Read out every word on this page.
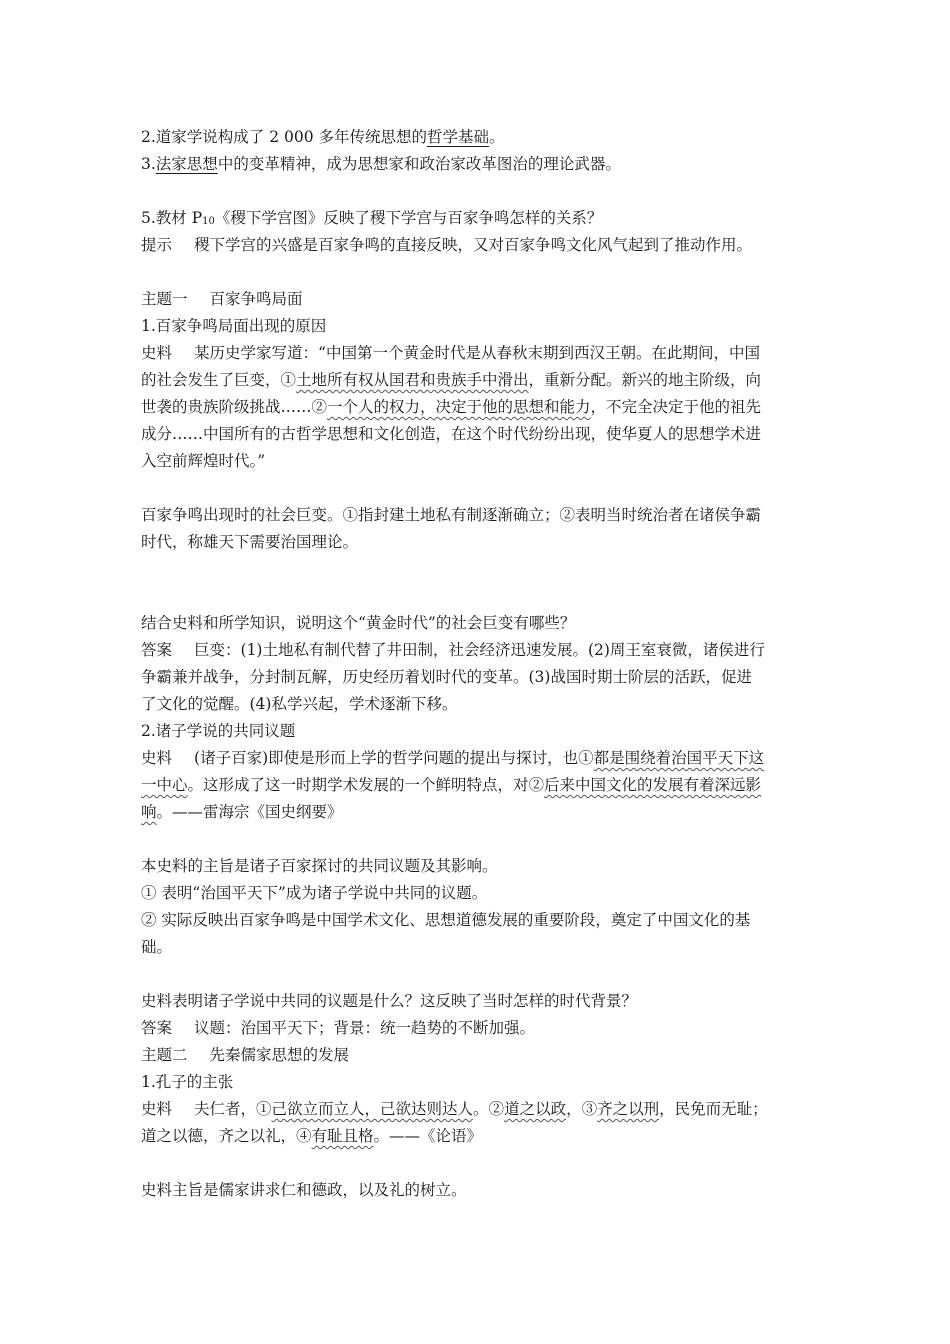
2.道家学说构成了 2 000 多年传统思想的哲学基础。
3.法家思想中的变革精神，成为思想家和政治家改革图治的理论武器。
5.教材 $P_{10}$《稷下学宫图》反映了稷下学宫与百家争鸣怎样的关系？
提示 稷下学宫的兴盛是百家争鸣的直接反映，又对百家争鸣文化风气起到了推动作用。
主题一 百家争鸣局面
1.百家争鸣局面出现的原因
史料 某历史学家写道：“中国第一个黄金时代是从春秋末期到西汉王朝。在此期间，中国
的社会发生了巨变，①土地所有权从国君和贵族手中滑出，重新分配。新兴的地主阶级，向
世袭的贵族阶级挑战……②一个人的权力，决定于他的思想和能力，不完全决定于他的祖先
成分……中国所有的古哲学思想和文化创造，在这个时代纷纷出现，使华夏人的思想学术进
入空前辉煌时代。”
百家争鸣出现时的社会巨变。①指封建土地私有制逐渐确立；②表明当时统治者在诸侯争霸
时代，称雄天下需要治国理论。
结合史料和所学知识，说明这个“黄金时代”的社会巨变有哪些？
答案 巨变：(1)土地私有制代替了井田制，社会经济迅速发展。(2)周王室衰微，诸侯进行
争霸兼并战争，分封制瓦解，历史经历着划时代的变革。(3)战国时期士阶层的活跃，促进
了文化的觉醒。(4)私学兴起，学术逐渐下移。
2.诸子学说的共同议题
史料 (诸子百家)即使是形而上学的哲学问题的提出与探讨，也①都是围绕着治国平天下这
一中心。这形成了这一时期学术发展的一个鲜明特点，对②后来中国文化的发展有着深远影
响。——雷海宗《国史纲要》
本史料的主旨是诸子百家探讨的共同议题及其影响。
① 表明“治国平天下”成为诸子学说中共同的议题。
② 实际反映出百家争鸣是中国学术文化、思想道德发展的重要阶段，奠定了中国文化的基
础。
史料表明诸子学说中共同的议题是什么？这反映了当时怎样的时代背景？
答案 议题：治国平天下；背景：统一趋势的不断加强。
主题二 先秦儒家思想的发展
1.孔子的主张
史料 夫仁者，①己欲立而立人，己欲达则达人。②道之以政，③齐之以刑，民免而无耻；
道之以德，齐之以礼，④有耻且格。——《论语》
史料主旨是儒家讲求仁和德政，以及礼的树立。
